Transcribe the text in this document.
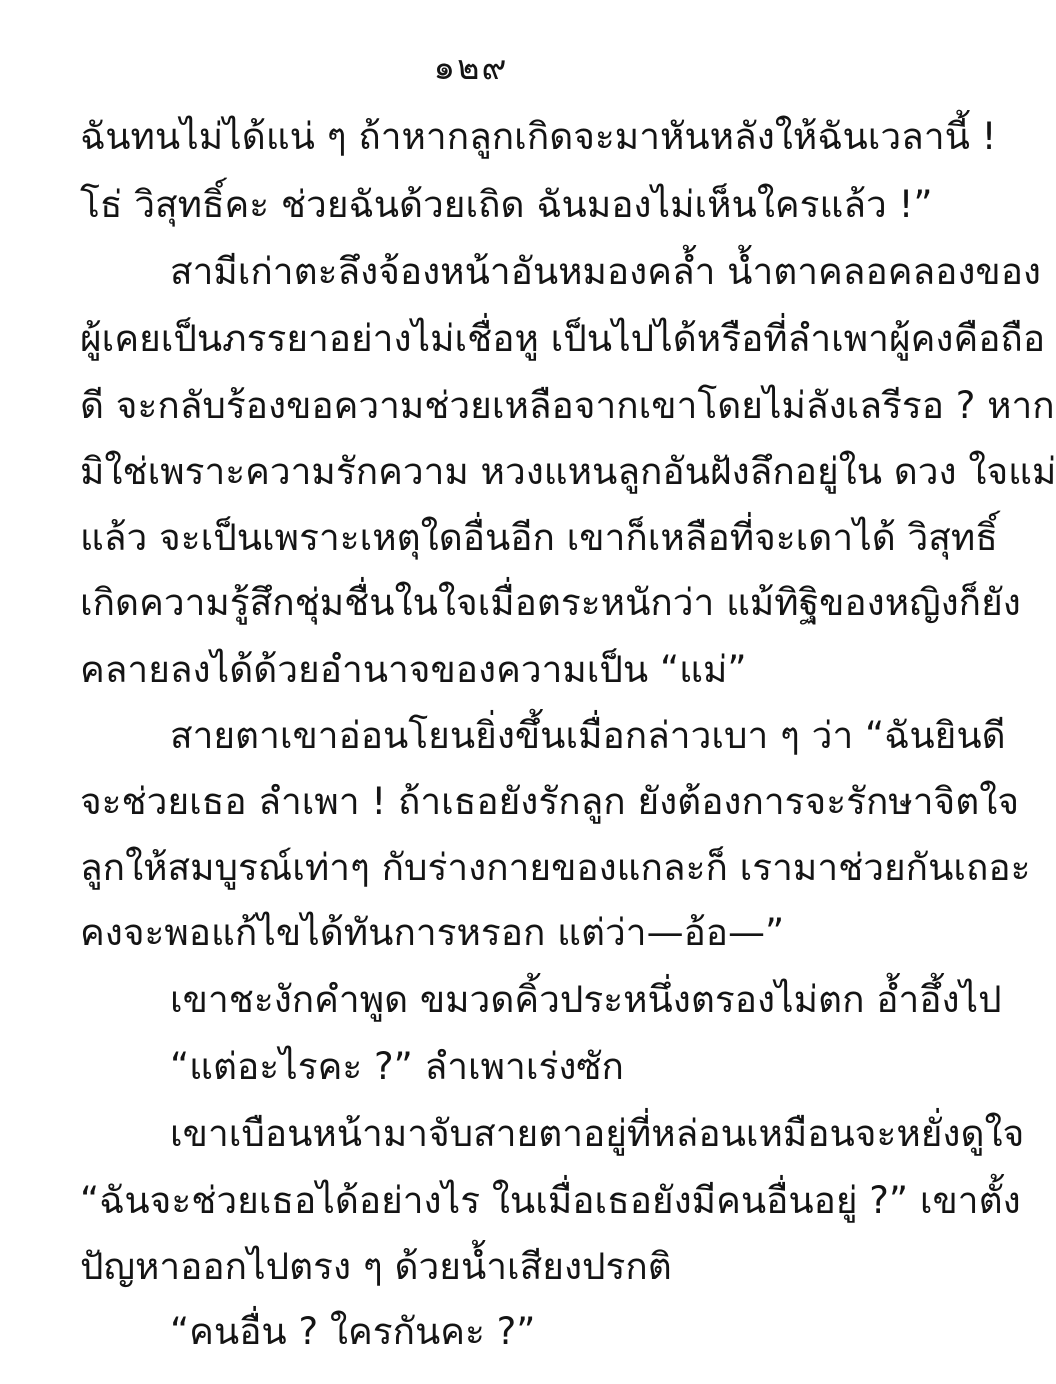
๑๒๙
ฉันทนไม่ได้แน่ ๆ ถ้าหากลูกเกิดจะมาหันหลังให้ฉันเวลานี้ !
โธ่ วิสุทธิ์คะ ช่วยฉันด้วยเถิด ฉันมองไม่เห็นใครแล้ว !”
สามีเก่าตะลึงจ้องหน้าอันหมองคล้ำ น้ำตาคลอคลองของ
ผู้เคยเป็นภรรยาอย่างไม่เชื่อหู เป็นไปได้หรือที่ลำเพาผู้คงคือถือ
ดี จะกลับร้องขอความช่วยเหลือจากเขาโดยไม่ลังเลรีรอ ? หาก
มิใช่เพราะความรักความ หวงแหนลูกอันฝังลึกอยู่ใน ดวง ใจแม่
แล้ว จะเป็นเพราะเหตุใดอื่นอีก เขาก็เหลือที่จะเดาได้ วิสุทธิ์
เกิดความรู้สึกชุ่มชื่นในใจเมื่อตระหนักว่า แม้ทิฐิของหญิงก็ยัง
คลายลงได้ด้วยอำนาจของความเป็น “แม่”
สายตาเขาอ่อนโยนยิ่งขึ้นเมื่อกล่าวเบา ๆ ว่า “ฉันยินดี
จะช่วยเธอ ลำเพา ! ถ้าเธอยังรักลูก ยังต้องการจะรักษาจิตใจ
ลูกให้สมบูรณ์เท่าๆ กับร่างกายของแกละก็ เรามาช่วยกันเถอะ
คงจะพอแก้ไขได้ทันการหรอก แต่ว่า—อ้อ—”
เขาชะงักคำพูด ขมวดคิ้วประหนึ่งตรองไม่ตก อ้ำอึ้งไป
“แต่อะไรคะ ?” ลำเพาเร่งซัก
เขาเบือนหน้ามาจับสายตาอยู่ที่หล่อนเหมือนจะหยั่งดูใจ
“ฉันจะช่วยเธอได้อย่างไร ในเมื่อเธอยังมีคนอื่นอยู่ ?” เขาตั้ง
ปัญหาออกไปตรง ๆ ด้วยน้ำเสียงปรกติ
“คนอื่น ? ใครกันคะ ?”
